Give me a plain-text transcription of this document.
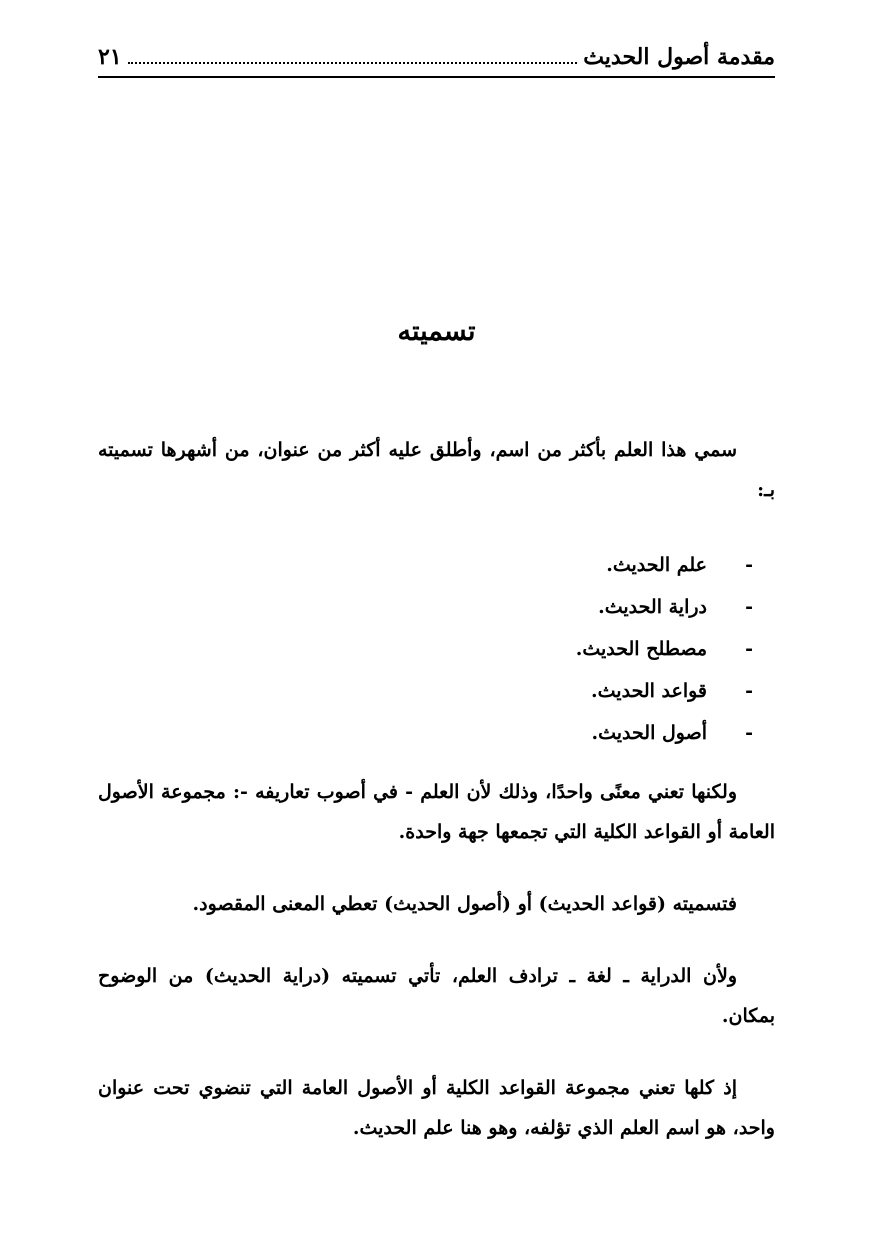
مقدمة أصول الحديث
٢١
تسميته

سمي هذا العلم بأكثر من اسم، وأطلق عليه أكثر من عنوان، من أشهرها تسميته بـ:

-
علم الحديث.
-
دراية الحديث.
-
مصطلح الحديث.
-
قواعد الحديث.
-
أصول الحديث.

ولكنها تعني معنًى واحدًا، وذلك لأن العلم - في أصوب تعاريفه -: مجموعة الأصول العامة أو القواعد الكلية التي تجمعها جهة واحدة.

فتسميته (قواعد الحديث) أو (أصول الحديث) تعطي المعنى المقصود.

ولأن الدراية ـ لغة ـ ترادف العلم، تأتي تسميته (دراية الحديث) من الوضوح بمكان.

إذ كلها تعني مجموعة القواعد الكلية أو الأصول العامة التي تنضوي تحت عنوان واحد، هو اسم العلم الذي تؤلفه، وهو هنا علم الحديث.
